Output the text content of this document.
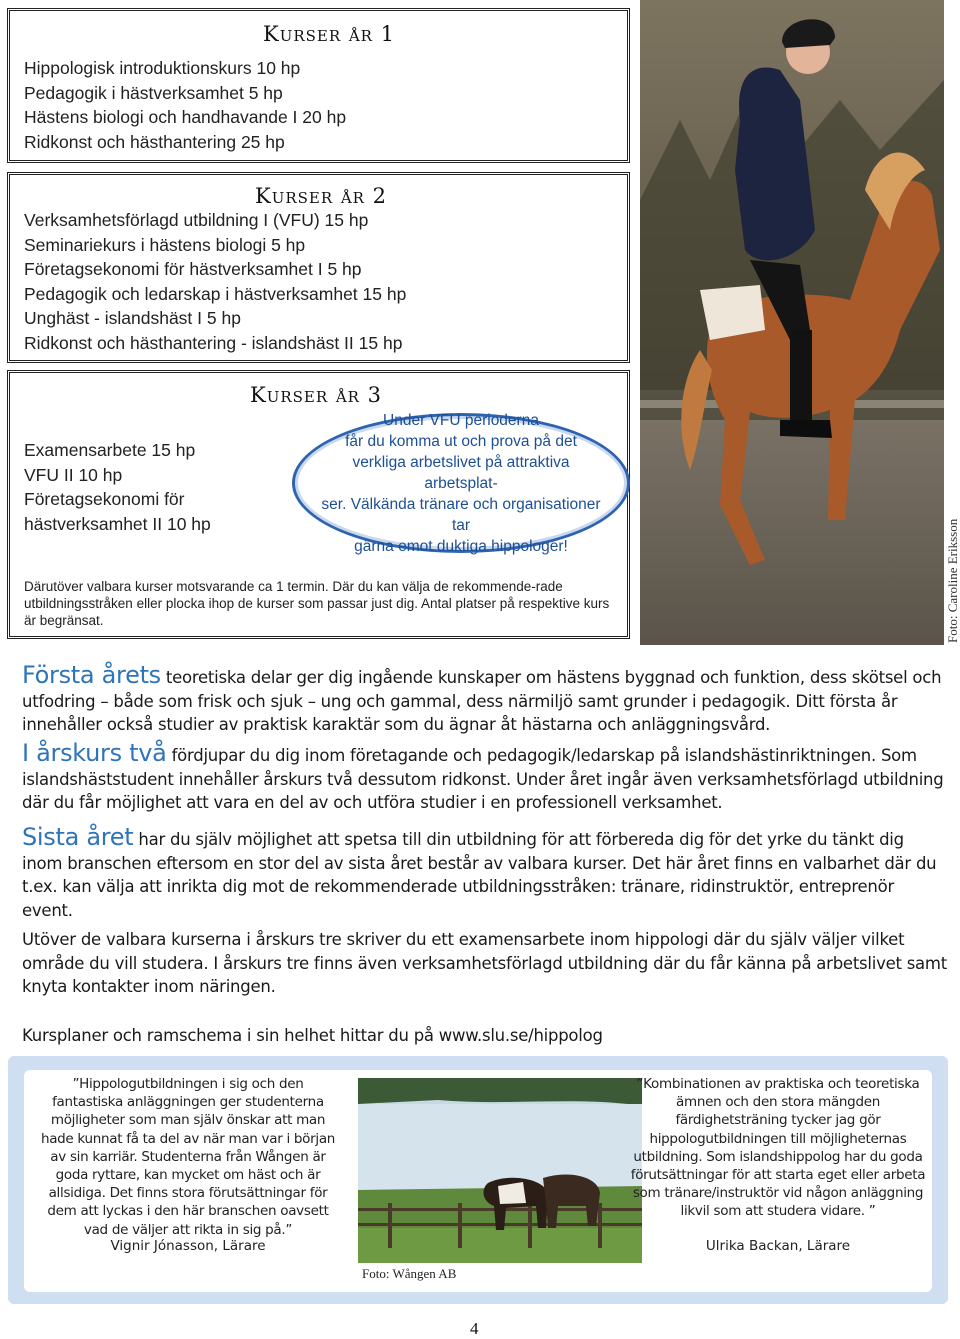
Kurser år 1
Hippologisk introduktionskurs 10 hp
Pedagogik i hästverksamhet 5 hp
Hästens biologi och handhavande I 20 hp
Ridkonst och hästhantering 25 hp
Kurser år 2
Verksamhetsförlagd utbildning I (VFU) 15 hp
Seminariekurs i hästens biologi 5 hp
Företagsekonomi för hästverksamhet I 5 hp
Pedagogik och ledarskap i hästverksamhet 15 hp
Unghäst - islandshäst I 5 hp
Ridkonst och hästhantering - islandshäst II 15 hp
Kurser år 3
Examensarbete 15 hp
VFU II 10 hp
Företagsekonomi för
hästverksamhet II 10 hp
Under VFU perioderna
får du komma ut och prova på det
verkliga arbetslivet på attraktiva arbetsplat-
ser. Välkända tränare och organisationer tar
gärna emot duktiga hippologer!
Därutöver valbara kurser motsvarande ca 1 termin. Där du kan välja de rekommende-rade utbildningsstråken eller plocka ihop de kurser som passar just dig. Antal platser på respektive kurs är begränsat.	Foto: Caroline Eriksson
Första årets teoretiska delar ger dig ingående kunskaper om hästens byggnad och funktion, dess skötsel och utfodring – både som frisk och sjuk – ung och gammal, dess närmiljö samt grunder i pedagogik. Ditt första år innehåller också studier av praktisk karaktär som du ägnar åt hästarna och anläggningsvård.
I årskurs två fördjupar du dig inom företagande och pedagogik/ledarskap på islandshästinriktningen. Som islandshäststudent innehåller årskurs två dessutom ridkonst. Under året ingår även verksamhetsförlagd utbildning där du får möjlighet att vara en del av och utföra studier i en professionell verksamhet.
Sista året har du själv möjlighet att spetsa till din utbildning för att förbereda dig för det yrke du tänkt dig inom branschen eftersom en stor del av sista året består av valbara kurser. Det här året finns en valbarhet där du t.ex. kan välja att inrikta dig mot de rekommenderade utbildningsstråken: tränare, ridinstruktör, entreprenör event.
Utöver de valbara kurserna i årskurs tre skriver du ett examensarbete inom hippologi där du själv väljer vilket område du vill studera. I årskurs tre finns även verksamhetsförlagd utbildning där du får känna på arbetslivet samt knyta kontakter inom näringen.
Kursplaner och ramschema i sin helhet hittar du på www.slu.se/hippolog
”Hippologutbildningen i sig och den fantastiska anläggningen ger studenterna möjligheter som man själv önskar att man hade kunnat få ta del av när man var i början av sin karriär. Studenterna från Wången är goda ryttare, kan mycket om häst och är allsidiga. Det finns stora förutsättningar för dem att lyckas i den här branschen oavsett vad de väljer att rikta in sig på.”
Vignir Jónasson, Lärare
Foto: Wången AB
”Kombinationen av praktiska och teoretiska ämnen och den stora mängden färdighetsträning tycker jag gör hippologutbildningen till möjligheternas utbildning. Som islandshippolog har du goda förutsättningar för att starta eget eller arbeta som tränare/instruktör vid någon anläggning likvil som att studera vidare. ”
Ulrika Backan, Lärare
4
